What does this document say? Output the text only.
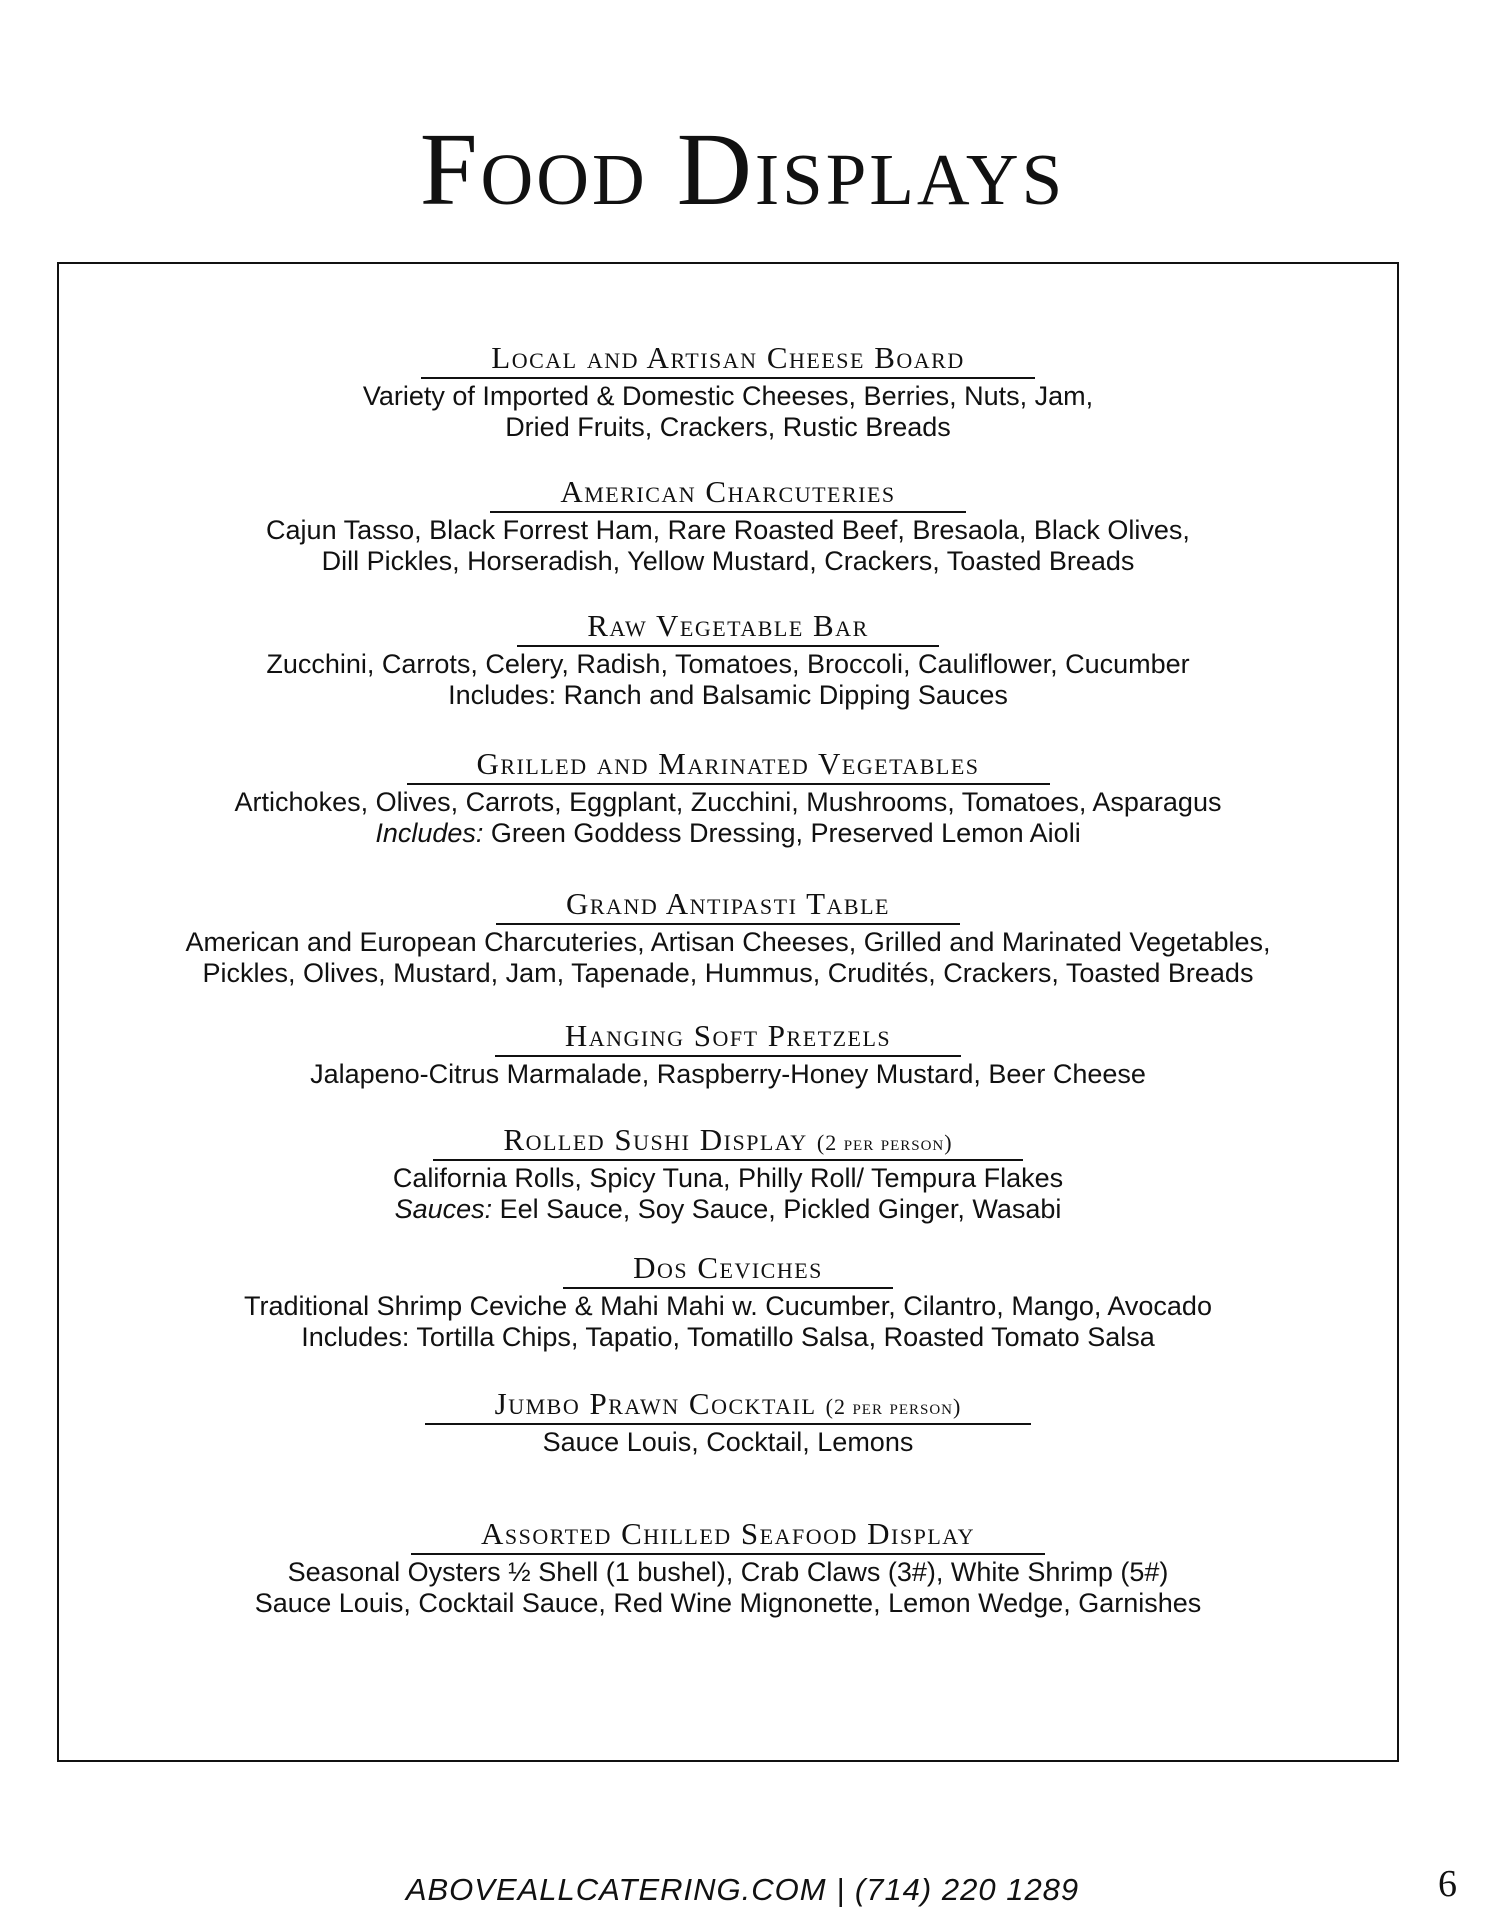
Food Displays
Local and Artisan Cheese Board
Variety of Imported & Domestic Cheeses, Berries, Nuts, Jam,
Dried Fruits, Crackers, Rustic Breads
American Charcuteries
Cajun Tasso, Black Forrest Ham, Rare Roasted Beef, Bresaola, Black Olives,
Dill Pickles, Horseradish, Yellow Mustard, Crackers, Toasted Breads
Raw Vegetable Bar
Zucchini, Carrots, Celery, Radish, Tomatoes, Broccoli, Cauliflower, Cucumber
Includes: Ranch and Balsamic Dipping Sauces
Grilled and Marinated Vegetables
Artichokes, Olives, Carrots, Eggplant, Zucchini, Mushrooms, Tomatoes, Asparagus
Includes: Green Goddess Dressing, Preserved Lemon Aioli
Grand Antipasti Table
American and European Charcuteries, Artisan Cheeses, Grilled and Marinated Vegetables,
Pickles, Olives, Mustard, Jam, Tapenade, Hummus, Crudités, Crackers, Toasted Breads
Hanging Soft Pretzels
Jalapeno-Citrus Marmalade, Raspberry-Honey Mustard, Beer Cheese
Rolled Sushi Display (2 per person)
California Rolls, Spicy Tuna, Philly Roll/ Tempura Flakes
Sauces: Eel Sauce, Soy Sauce, Pickled Ginger, Wasabi
Dos Ceviches
Traditional Shrimp Ceviche & Mahi Mahi w. Cucumber, Cilantro, Mango, Avocado
Includes: Tortilla Chips, Tapatio, Tomatillo Salsa, Roasted Tomato Salsa
Jumbo Prawn Cocktail (2 per person)
Sauce Louis, Cocktail, Lemons
Assorted Chilled Seafood Display
Seasonal Oysters ½ Shell (1 bushel), Crab Claws (3#), White Shrimp (5#)
Sauce Louis, Cocktail Sauce, Red Wine Mignonette, Lemon Wedge, Garnishes
ABOVEALLCATERING.COM | (714) 220 1289	6
